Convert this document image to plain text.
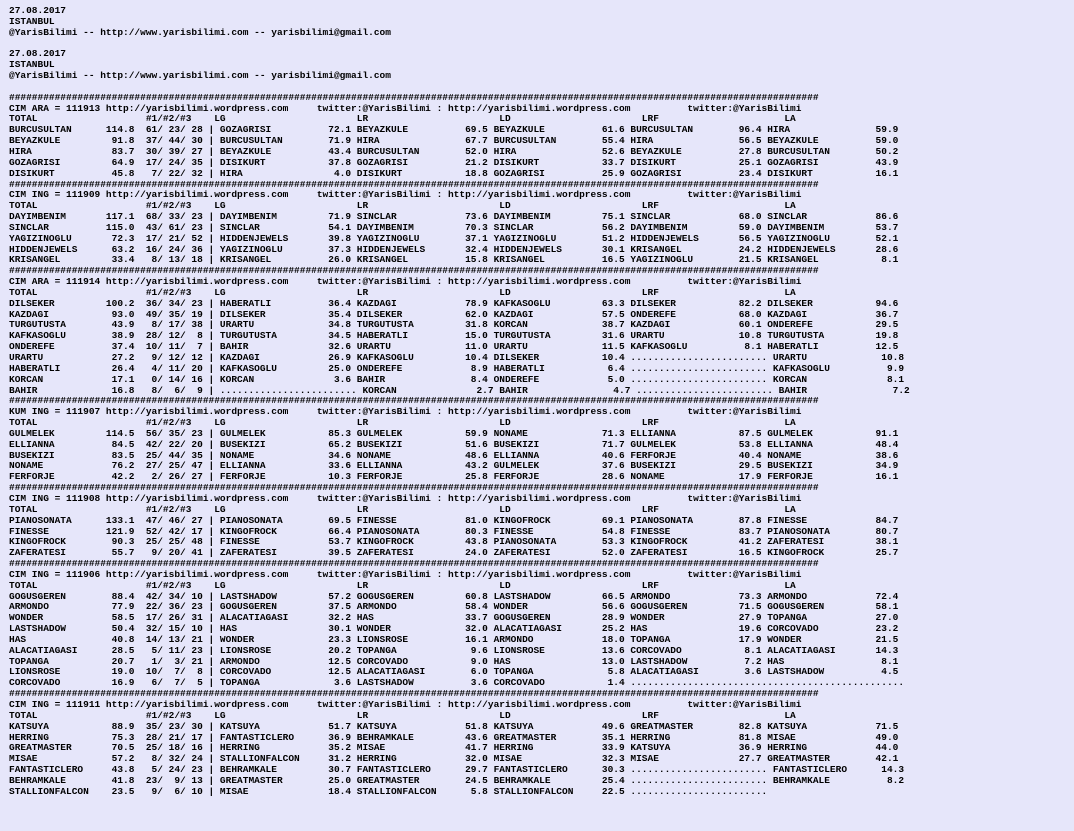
27.08.2017
ISTANBUL
@YarisBilimi -- http://www.yarisbilimi.com -- yarisbilimi@gmail.com
27.08.2017
ISTANBUL
@YarisBilimi -- http://www.yarisbilimi.com -- yarisbilimi@gmail.com
##############################################################################################################################################
CIM ARA = 111913 http://yarisbilimi.wordpress.com     twitter:@YarisBilimi : http://yarisbilimi.wordpress.com          twitter:@YarisBilimi
TOTAL                   #1/#2/#3    LG                       LR                       LD                       LRF                      LA
BURCUSULTAN      114.8  61/ 23/ 28 | GOZAGRISI          72.1 BEYAZKULE          69.5 BEYAZKULE          61.6 BURCUSULTAN        96.4 HIRA               59.9
BEYAZKULE         91.8  37/ 44/ 30 | BURCUSULTAN        71.9 HIRA               67.7 BURCUSULTAN        55.4 HIRA               56.5 BEYAZKULE          59.0
HIRA              83.7  30/ 39/ 27 | BEYAZKULE          43.4 BURCUSULTAN        52.0 HIRA               52.6 BEYAZKULE          27.8 BURCUSULTAN        50.2
GOZAGRISI         64.9  17/ 24/ 35 | DISIKURT           37.8 GOZAGRISI          21.2 DISIKURT           33.7 DISIKURT           25.1 GOZAGRISI          43.9
DISIKURT          45.8   7/ 22/ 32 | HIRA                4.0 DISIKURT           18.8 GOZAGRISI          25.9 GOZAGRISI          23.4 DISIKURT           16.1
##############################################################################################################################################
CIM ING = 111909 http://yarisbilimi.wordpress.com     twitter:@YarisBilimi : http://yarisbilimi.wordpress.com          twitter:@YarisBilimi
TOTAL                   #1/#2/#3    LG                       LR                       LD                       LRF                      LA
DAYIMBENIM       117.1  68/ 33/ 23 | DAYIMBENIM         71.9 SINCLAR            73.6 DAYIMBENIM         75.1 SINCLAR            68.0 SINCLAR            86.6
SINCLAR          115.0  43/ 61/ 23 | SINCLAR            54.1 DAYIMBENIM         70.3 SINCLAR            56.2 DAYIMBENIM         59.0 DAYIMBENIM         53.7
YAGIZINOGLU       72.3  17/ 21/ 52 | HIDDENJEWELS       39.8 YAGIZINOGLU        37.1 YAGIZINOGLU        51.2 HIDDENJEWELS       56.5 YAGIZINOGLU        52.1
HIDDENJEWELS      63.2  16/ 24/ 36 | YAGIZINOGLU        37.3 HIDDENJEWELS       32.4 HIDDENJEWELS       30.1 KRISANGEL          24.2 HIDDENJEWELS       28.6
KRISANGEL         33.4   8/ 13/ 18 | KRISANGEL          26.0 KRISANGEL          15.8 KRISANGEL          16.5 YAGIZINOGLU        21.5 KRISANGEL           8.1
##############################################################################################################################################
CIM ARA = 111914 http://yarisbilimi.wordpress.com     twitter:@YarisBilimi : http://yarisbilimi.wordpress.com          twitter:@YarisBilimi
TOTAL                   #1/#2/#3    LG                       LR                       LD                       LRF                      LA
DILSEKER         100.2  36/ 34/ 23 | HABERATLI          36.4 KAZDAGI            78.9 KAFKASOGLU         63.3 DILSEKER           82.2 DILSEKER           94.6
KAZDAGI           93.0  49/ 35/ 19 | DILSEKER           35.4 DILSEKER           62.0 KAZDAGI            57.5 ONDEREFE           68.0 KAZDAGI            36.7
TURGUTUSTA        43.9   8/ 17/ 38 | URARTU             34.8 TURGUTUSTA         31.8 KORCAN             38.7 KAZDAGI            60.1 ONDEREFE           29.5
KAFKASOGLU        38.9  28/ 12/  8 | TURGUTUSTA         34.5 HABERATLI          15.0 TURGUTUSTA         31.6 URARTU             10.8 TURGUTUSTA         19.8
ONDEREFE          37.4  10/ 11/  7 | BAHIR              32.6 URARTU             11.0 URARTU             11.5 KAFKASOGLU          8.1 HABERATLI          12.5
URARTU            27.2   9/ 12/ 12 | KAZDAGI            26.9 KAFKASOGLU         10.4 DILSEKER           10.4 ........................ URARTU             10.8
HABERATLI         26.4   4/ 11/ 20 | KAFKASOGLU         25.0 ONDEREFE            8.9 HABERATLI           6.4 ........................ KAFKASOGLU          9.9
KORCAN            17.1   0/ 14/ 16 | KORCAN              3.6 BAHIR               8.4 ONDEREFE            5.0 ........................ KORCAN              8.1
BAHIR             16.8   8/  6/  9 | ........................ KORCAN              2.7 BAHIR               4.7 ........................ BAHIR               7.2
##############################################################################################################################################
KUM ING = 111907 http://yarisbilimi.wordpress.com     twitter:@YarisBilimi : http://yarisbilimi.wordpress.com          twitter:@YarisBilimi
TOTAL                   #1/#2/#3    LG                       LR                       LD                       LRF                      LA
GULMELEK         114.5  56/ 35/ 23 | GULMELEK           85.3 GULMELEK           59.9 NONAME             71.3 ELLIANNA           87.5 GULMELEK           91.1
ELLIANNA          84.5  42/ 22/ 20 | BUSEKIZI           65.2 BUSEKIZI           51.6 BUSEKIZI           71.7 GULMELEK           53.8 ELLIANNA           48.4
BUSEKIZI          83.5  25/ 44/ 35 | NONAME             34.6 NONAME             48.6 ELLIANNA           40.6 FERFORJE           40.4 NONAME             38.6
NONAME            76.2  27/ 25/ 47 | ELLIANNA           33.6 ELLIANNA           43.2 GULMELEK           37.6 BUSEKIZI           29.5 BUSEKIZI           34.9
FERFORJE          42.2   2/ 26/ 27 | FERFORJE           10.3 FERFORJE           25.8 FERFORJE           28.6 NONAME             17.9 FERFORJE           16.1
##############################################################################################################################################
CIM ING = 111908 http://yarisbilimi.wordpress.com     twitter:@YarisBilimi : http://yarisbilimi.wordpress.com          twitter:@YarisBilimi
TOTAL                   #1/#2/#3    LG                       LR                       LD                       LRF                      LA
PIANOSONATA      133.1  47/ 46/ 27 | PIANOSONATA        69.5 FINESSE            81.0 KINGOFROCK         69.1 PIANOSONATA        87.8 FINESSE            84.7
FINESSE          121.9  52/ 42/ 17 | KINGOFROCK         66.4 PIANOSONATA        80.3 FINESSE            54.8 FINESSE            83.7 PIANOSONATA        80.7
KINGOFROCK        90.3  25/ 25/ 48 | FINESSE            53.7 KINGOFROCK         43.8 PIANOSONATA        53.3 KINGOFROCK         41.2 ZAFERATESI         38.1
ZAFERATESI        55.7   9/ 20/ 41 | ZAFERATESI         39.5 ZAFERATESI         24.0 ZAFERATESI         52.0 ZAFERATESI         16.5 KINGOFROCK         25.7
##############################################################################################################################################
CIM ING = 111906 http://yarisbilimi.wordpress.com     twitter:@YarisBilimi : http://yarisbilimi.wordpress.com          twitter:@YarisBilimi
TOTAL                   #1/#2/#3    LG                       LR                       LD                       LRF                      LA
GOGUSGEREN        88.4  42/ 34/ 10 | LASTSHADOW         57.2 GOGUSGEREN         60.8 LASTSHADOW         66.5 ARMONDO            73.3 ARMONDO            72.4
ARMONDO           77.9  22/ 36/ 23 | GOGUSGEREN         37.5 ARMONDO            58.4 WONDER             56.6 GOGUSGEREN         71.5 GOGUSGEREN         58.1
WONDER            58.5  17/ 26/ 31 | ALACATIAGASI       32.2 HAS                33.7 GOGUSGEREN         28.9 WONDER             27.9 TOPANGA            27.0
LASTSHADOW        50.4  32/ 15/ 10 | HAS                30.1 WONDER             32.0 ALACATIAGASI       25.2 HAS                19.6 CORCOVADO          23.2
HAS               40.8  14/ 13/ 21 | WONDER             23.3 LIONSROSE          16.1 ARMONDO            18.0 TOPANGA            17.9 WONDER             21.5
ALACATIAGASI      28.5   5/ 11/ 23 | LIONSROSE          20.2 TOPANGA             9.6 LIONSROSE          13.6 CORCOVADO           8.1 ALACATIAGASI       14.3
TOPANGA           20.7   1/  3/ 21 | ARMONDO            12.5 CORCOVADO           9.0 HAS                13.0 LASTSHADOW          7.2 HAS                 8.1
LIONSROSE         19.0  10/  7/  8 | CORCOVADO          12.5 ALACATIAGASI        6.0 TOPANGA             5.8 ALACATIAGASI        3.6 LASTSHADOW          4.5
CORCOVADO         16.9   6/  7/  5 | TOPANGA             3.6 LASTSHADOW          3.6 CORCOVADO           1.4 ................................................
##############################################################################################################################################
CIM ING = 111911 http://yarisbilimi.wordpress.com     twitter:@YarisBilimi : http://yarisbilimi.wordpress.com          twitter:@YarisBilimi
TOTAL                   #1/#2/#3    LG                       LR                       LD                       LRF                      LA
KATSUYA           88.9  35/ 23/ 30 | KATSUYA            51.7 KATSUYA            51.8 KATSUYA            49.6 GREATMASTER        82.8 KATSUYA            71.5
HERRING           75.3  28/ 21/ 17 | FANTASTICLERO      36.9 BEHRAMKALE         43.6 GREATMASTER        35.1 HERRING            81.8 MISAE              49.0
GREATMASTER       70.5  25/ 18/ 16 | HERRING            35.2 MISAE              41.7 HERRING            33.9 KATSUYA            36.9 HERRING            44.0
MISAE             57.2   8/ 32/ 24 | STALLIONFALCON     31.2 HERRING            32.0 MISAE              32.3 MISAE              27.7 GREATMASTER        42.1
FANTASTICLERO     43.8   5/ 24/ 23 | BEHRAMKALE         30.7 FANTASTICLERO      29.7 FANTASTICLERO      30.3 ........................ FANTASTICLERO      14.3
BEHRAMKALE        41.8  23/  9/ 13 | GREATMASTER        25.0 GREATMASTER        24.5 BEHRAMKALE         25.4 ........................ BEHRAMKALE          8.2
STALLIONFALCON    23.5   9/  6/ 10 | MISAE              18.4 STALLIONFALCON      5.8 STALLIONFALCON     22.5 ........................
